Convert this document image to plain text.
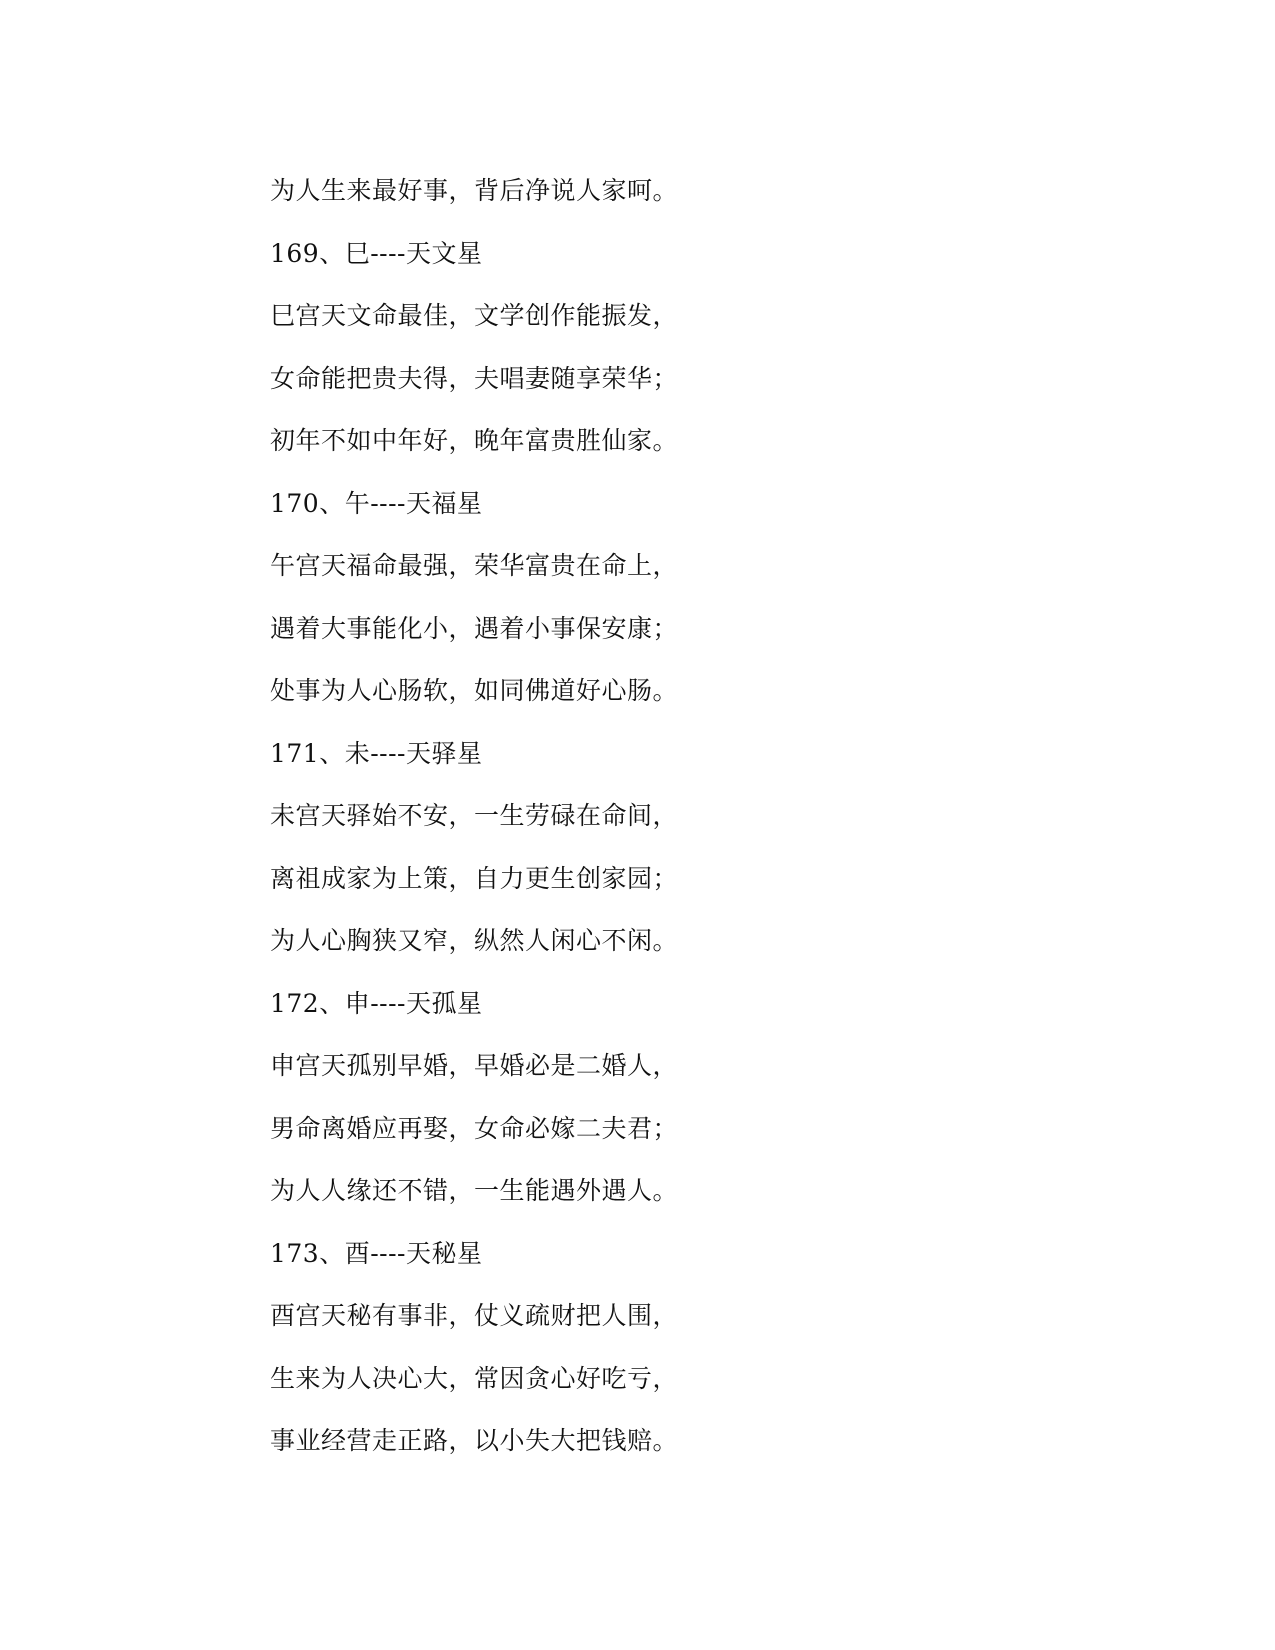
为人生来最好事，背后净说人家呵。
169、巳----天文星
巳宫天文命最佳，文学创作能振发，
女命能把贵夫得，夫唱妻随享荣华；
初年不如中年好，晚年富贵胜仙家。
170、午----天福星
午宫天福命最强，荣华富贵在命上，
遇着大事能化小，遇着小事保安康；
处事为人心肠软，如同佛道好心肠。
171、未----天驿星
未宫天驿始不安，一生劳碌在命间，
离祖成家为上策，自力更生创家园；
为人心胸狭又窄，纵然人闲心不闲。
172、申----天孤星
申宫天孤别早婚，早婚必是二婚人，
男命离婚应再娶，女命必嫁二夫君；
为人人缘还不错，一生能遇外遇人。
173、酉----天秘星
酉宫天秘有事非，仗义疏财把人围，
生来为人决心大，常因贪心好吃亏，
事业经营走正路，以小失大把钱赔。
